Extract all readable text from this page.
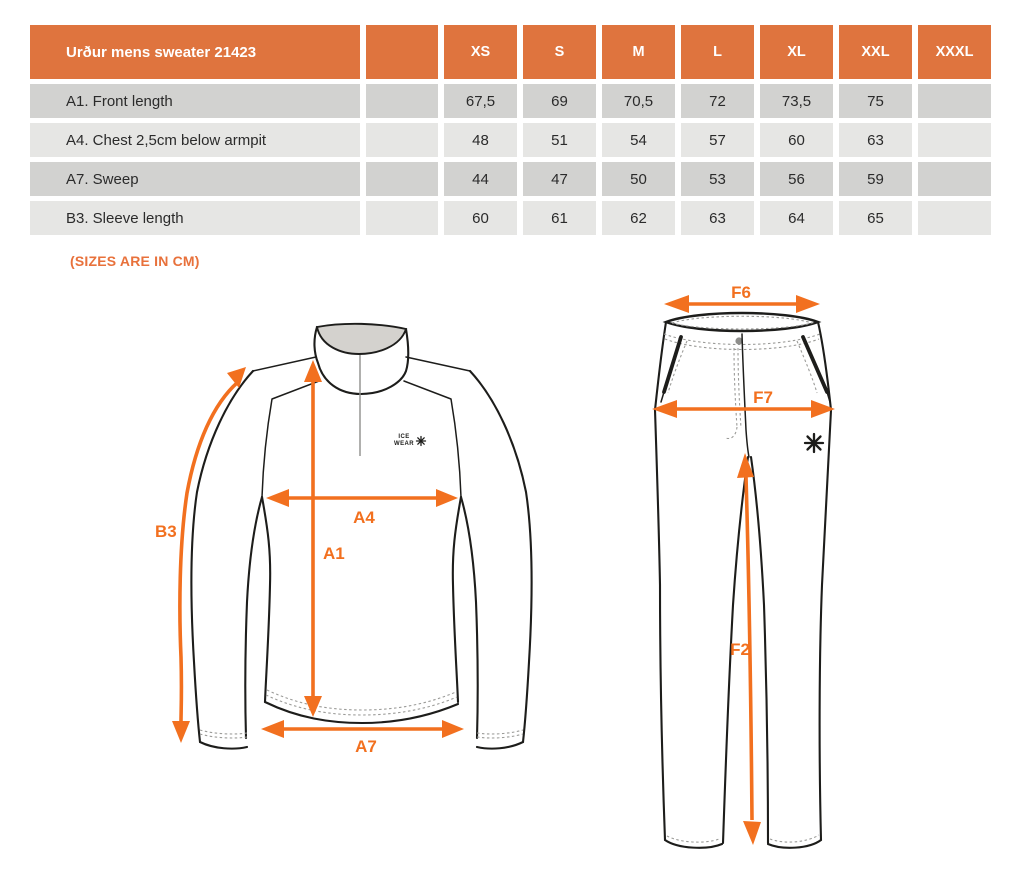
Urður mens sweater 21423		XS	S	M	L	XL	XXL	XXXL
A1. Front length		67,5	69	70,5	72	73,5	75	
A4. Chest 2,5cm below armpit		48	51	54	57	60	63	
A7. Sweep		44	47	50	53	56	59	
B3. Sleeve length		60	61	62	63	64	65	
(SIZES ARE IN CM)
ICE
WEAR
A1
A4
A7
B3
F6
F7
F2
